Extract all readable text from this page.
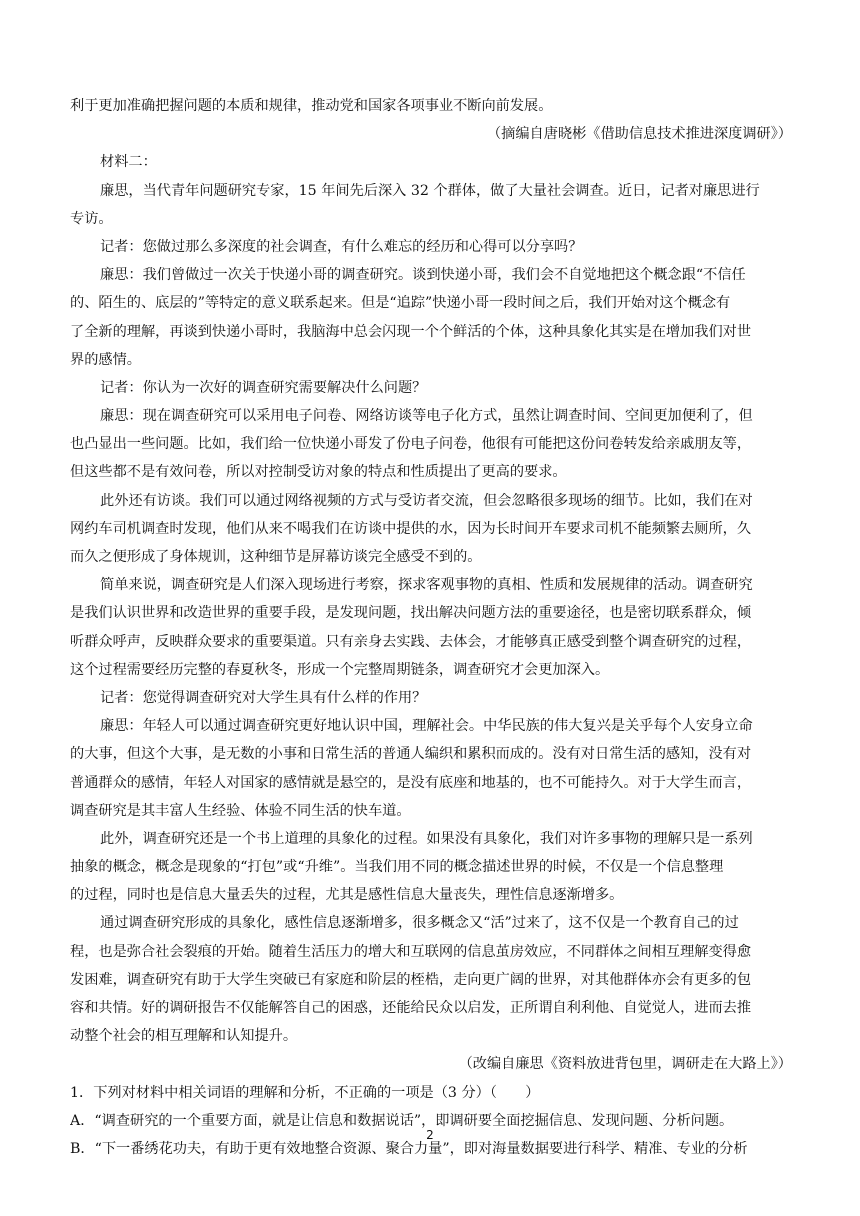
利于更加准确把握问题的本质和规律，推动党和国家各项事业不断向前发展。
（摘编自唐晓彬《借助信息技术推进深度调研》）
材料二：
廉思，当代青年问题研究专家，15 年间先后深入 32 个群体，做了大量社会调查。近日，记者对廉思进行
专访。
记者：您做过那么多深度的社会调查，有什么难忘的经历和心得可以分享吗？
廉思：我们曾做过一次关于快递小哥的调查研究。谈到快递小哥，我们会不自觉地把这个概念跟“不信任
的、陌生的、底层的”等特定的意义联系起来。但是“追踪”快递小哥一段时间之后，我们开始对这个概念有
了全新的理解，再谈到快递小哥时，我脑海中总会闪现一个个鲜活的个体，这种具象化其实是在增加我们对世
界的感情。
记者：你认为一次好的调查研究需要解决什么问题？
廉思：现在调查研究可以采用电子问卷、网络访谈等电子化方式，虽然让调查时间、空间更加便利了，但
也凸显出一些问题。比如，我们给一位快递小哥发了份电子问卷，他很有可能把这份问卷转发给亲戚朋友等，
但这些都不是有效问卷，所以对控制受访对象的特点和性质提出了更高的要求。
此外还有访谈。我们可以通过网络视频的方式与受访者交流，但会忽略很多现场的细节。比如，我们在对
网约车司机调查时发现，他们从来不喝我们在访谈中提供的水，因为长时间开车要求司机不能频繁去厕所，久
而久之便形成了身体规训，这种细节是屏幕访谈完全感受不到的。
简单来说，调查研究是人们深入现场进行考察，探求客观事物的真相、性质和发展规律的活动。调查研究
是我们认识世界和改造世界的重要手段，是发现问题，找出解决问题方法的重要途径，也是密切联系群众，倾
听群众呼声，反映群众要求的重要渠道。只有亲身去实践、去体会，才能够真正感受到整个调查研究的过程，
这个过程需要经历完整的春夏秋冬，形成一个完整周期链条，调查研究才会更加深入。
记者：您觉得调查研究对大学生具有什么样的作用？
廉思：年轻人可以通过调查研究更好地认识中国，理解社会。中华民族的伟大复兴是关乎每个人安身立命
的大事，但这个大事，是无数的小事和日常生活的普通人编织和累积而成的。没有对日常生活的感知，没有对
普通群众的感情，年轻人对国家的感情就是悬空的，是没有底座和地基的，也不可能持久。对于大学生而言，
调查研究是其丰富人生经验、体验不同生活的快车道。
此外，调查研究还是一个书上道理的具象化的过程。如果没有具象化，我们对许多事物的理解只是一系列
抽象的概念，概念是现象的“打包”或“升维”。当我们用不同的概念描述世界的时候，不仅是一个信息整理
的过程，同时也是信息大量丢失的过程，尤其是感性信息大量丧失，理性信息逐渐增多。
通过调查研究形成的具象化，感性信息逐渐增多，很多概念又“活”过来了，这不仅是一个教育自己的过
程，也是弥合社会裂痕的开始。随着生活压力的增大和互联网的信息茧房效应，不同群体之间相互理解变得愈
发困难，调查研究有助于大学生突破已有家庭和阶层的桎梏，走向更广阔的世界，对其他群体亦会有更多的包
容和共情。好的调研报告不仅能解答自己的困惑，还能给民众以启发，正所谓自利利他、自觉觉人，进而去推
动整个社会的相互理解和认知提升。
（改编自廉思《资料放进背包里，调研走在大路上》）
1．下列对材料中相关词语的理解和分析，不正确的一项是（3 分）（　　）
A．“调查研究的一个重要方面，就是让信息和数据说话”，即调研要全面挖掘信息、发现问题、分析问题。
B．“下一番绣花功夫，有助于更有效地整合资源、聚合力量”，即对海量数据要进行科学、精准、专业的分析
2
